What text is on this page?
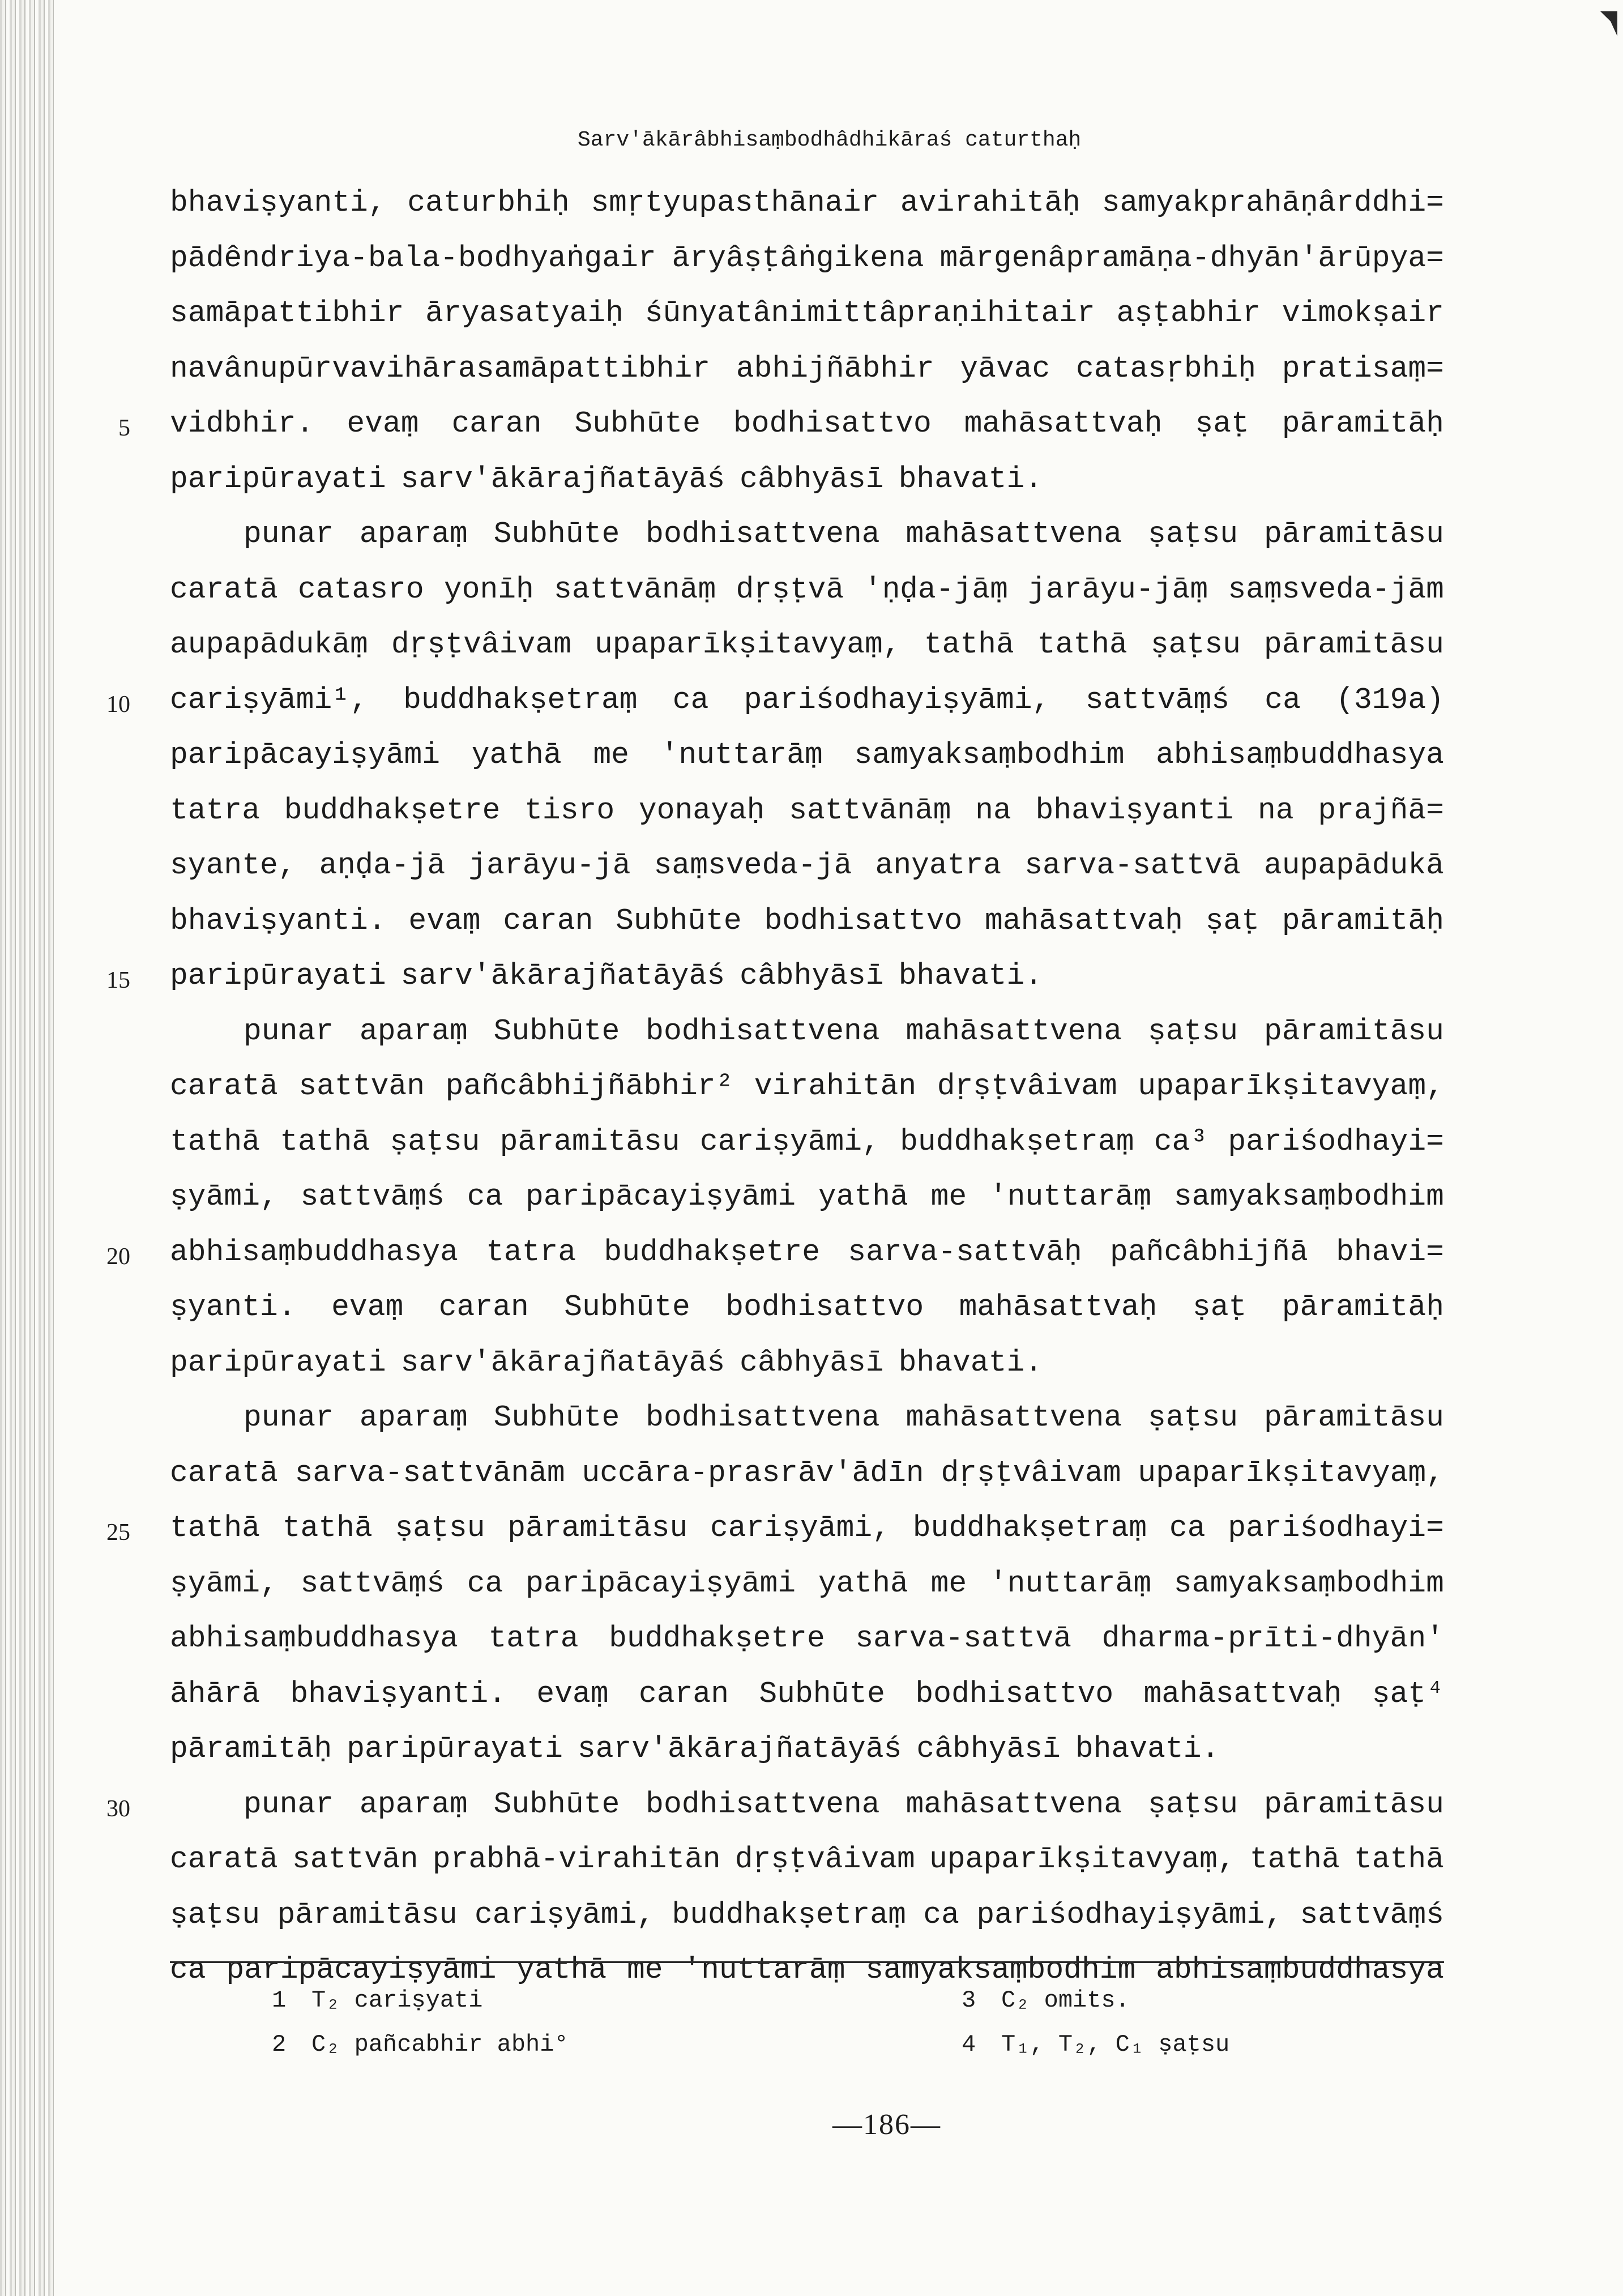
Sarv'ākārâbhisaṃbodhâdhikāraś caturthaḥ
bhaviṣyanti, caturbhiḥ smṛtyupasthānair avirahitāḥ samyakprahāṇârddhi=
pādêndriya-bala-bodhyaṅgair āryâṣṭâṅgikena mārgenâpramāṇa-dhyān'ārūpya=
samāpattibhir āryasatyaiḥ śūnyatânimittâpraṇihitair aṣṭabhir vimokṣair
navânupūrvavihārasamāpattibhir abhijñābhir yāvac catasṛbhiḥ pratisaṃ=
5 vidbhir. evaṃ caran Subhūte bodhisattvo mahāsattvaḥ ṣaṭ pāramitāḥ
paripūrayati sarv'ākārajñatāyāś câbhyāsī bhavati.
punar aparaṃ Subhūte bodhisattvena mahāsattvena ṣaṭsu pāramitāsu
caratā catasro yonīḥ sattvānāṃ dṛṣṭvā 'ṇḍa-jāṃ jarāyu-jāṃ saṃsveda-jām
aupapādukāṃ dṛṣṭvâivam upaparīkṣitavyaṃ, tathā tathā ṣaṭsu pāramitāsu
10 cariṣyāmi¹, buddhakṣetraṃ ca pariśodhayiṣyāmi, sattvāṃś ca (319a)
paripācayiṣyāmi yathā me 'nuttarāṃ samyaksaṃbodhim abhisaṃbuddhasya
tatra buddhakṣetre tisro yonayaḥ sattvānāṃ na bhaviṣyanti na prajñā=
syante, aṇḍa-jā jarāyu-jā saṃsveda-jā anyatra sarva-sattvā aupapādukā
bhaviṣyanti. evaṃ caran Subhūte bodhisattvo mahāsattvaḥ ṣaṭ pāramitāḥ
15 paripūrayati sarv'ākārajñatāyāś câbhyāsī bhavati.
punar aparaṃ Subhūte bodhisattvena mahāsattvena ṣaṭsu pāramitāsu
caratā sattvān pañcâbhijñābhir² virahitān dṛṣṭvâivam upaparīkṣitavyaṃ,
tathā tathā ṣaṭsu pāramitāsu cariṣyāmi, buddhakṣetraṃ ca³ pariśodhayi=
ṣyāmi, sattvāṃś ca paripācayiṣyāmi yathā me 'nuttarāṃ samyaksaṃbodhim
20 abhisaṃbuddhasya tatra buddhakṣetre sarva-sattvāḥ pañcâbhijñā bhavi=
ṣyanti. evaṃ caran Subhūte bodhisattvo mahāsattvaḥ ṣaṭ pāramitāḥ
paripūrayati sarv'ākārajñatāyāś câbhyāsī bhavati.
punar aparaṃ Subhūte bodhisattvena mahāsattvena ṣaṭsu pāramitāsu
caratā sarva-sattvānām uccāra-prasrāv'ādīn dṛṣṭvâivam upaparīkṣitavyaṃ,
25 tathā tathā ṣaṭsu pāramitāsu cariṣyāmi, buddhakṣetraṃ ca pariśodhayi=
ṣyāmi, sattvāṃś ca paripācayiṣyāmi yathā me 'nuttarāṃ samyaksaṃbodhim
abhisaṃbuddhasya tatra buddhakṣetre sarva-sattvā dharma-prīti-dhyān'
āhārā bhaviṣyanti. evaṃ caran Subhūte bodhisattvo mahāsattvaḥ ṣaṭ⁴
pāramitāḥ paripūrayati sarv'ākārajñatāyāś câbhyāsī bhavati.
30	punar aparaṃ Subhūte bodhisattvena mahāsattvena ṣaṭsu pāramitāsu
caratā sattvān prabhā-virahitān dṛṣṭvâivam upaparīkṣitavyaṃ, tathā tathā
ṣaṭsu pāramitāsu cariṣyāmi, buddhakṣetraṃ ca pariśodhayiṣyāmi, sattvāṃś
ca paripācayiṣyāmi yathā me 'nuttarāṃ samyaksaṃbodhim abhisaṃbuddhasya
1 T₂ cariṣyati
2 C₂ pañcabhir abhi°
3 C₂ omits.
4 T₁, T₂, C₁ ṣaṭsu
—186—
